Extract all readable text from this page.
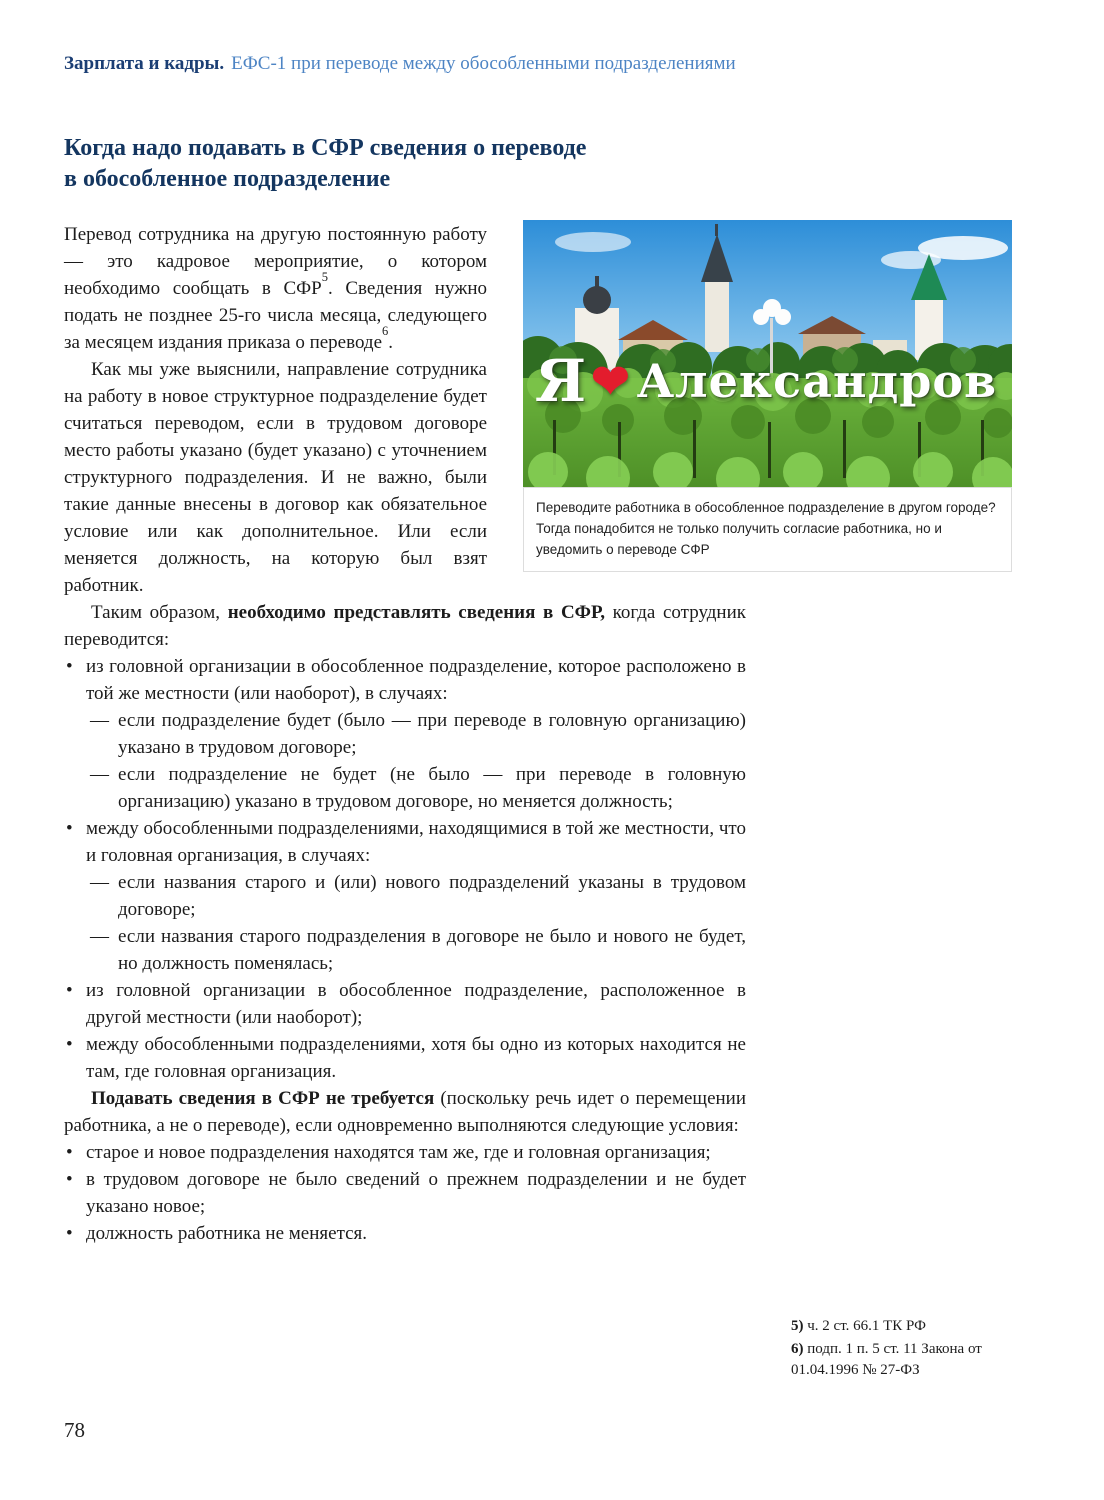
Зарплата и кадры. ЕФС-1 при переводе между обособленными подразделениями
Я ❤ Александров
Переводите работника в обособленное подразделение в другом городе? Тогда понадобится не только получить согласие работника, но и уведомить о переводе СФР
Когда надо подавать в СФР сведения о переводе
в обособленное подразделение

Перевод сотрудника на другую постоянную работу — это кадровое мероприятие, о котором необходимо сообщать в СФР$^5$. Сведения нужно подать не позднее 25-го числа месяца, следующего за месяцем издания приказа о переводе$^6$.

Как мы уже выяснили, направление сотрудника на работу в новое структурное подразделение будет считаться переводом, если в трудовом договоре место работы указано (будет указано) с уточнением структурного подразделения. И не важно, были такие данные внесены в договор как обязательное условие или как дополнительное. Или если меняется должность, на которую был взят работник.

Таким образом, необходимо представлять сведения в СФР, когда сотрудник переводится:

• из головной организации в обособленное подразделение, которое расположено в той же местности (или наоборот), в случаях:
— если подразделение будет (было — при переводе в головную организацию) указано в трудовом договоре;
— если подразделение не будет (не было — при переводе в головную организацию) указано в трудовом договоре, но меняется должность;
• между обособленными подразделениями, находящимися в той же местности, что и головная организация, в случаях:
— если названия старого и (или) нового подразделений указаны в трудовом договоре;
— если названия старого подразделения в договоре не было и нового не будет, но должность поменялась;
• из головной организации в обособленное подразделение, расположенное в другой местности (или наоборот);
• между обособленными подразделениями, хотя бы одно из которых находится не там, где головная организация.

Подавать сведения в СФР не требуется (поскольку речь идет о перемещении работника, а не о переводе), если одновременно выполняются следующие условия:

• старое и новое подразделения находятся там же, где и головная организация;
• в трудовом договоре не было сведений о прежнем подразделении и не будет указано новое;
• должность работника не меняется.

5) ч. 2 ст. 66.1 ТК РФ

6) подп. 1 п. 5 ст. 11 Закона от 01.04.1996 № 27-ФЗ

78
